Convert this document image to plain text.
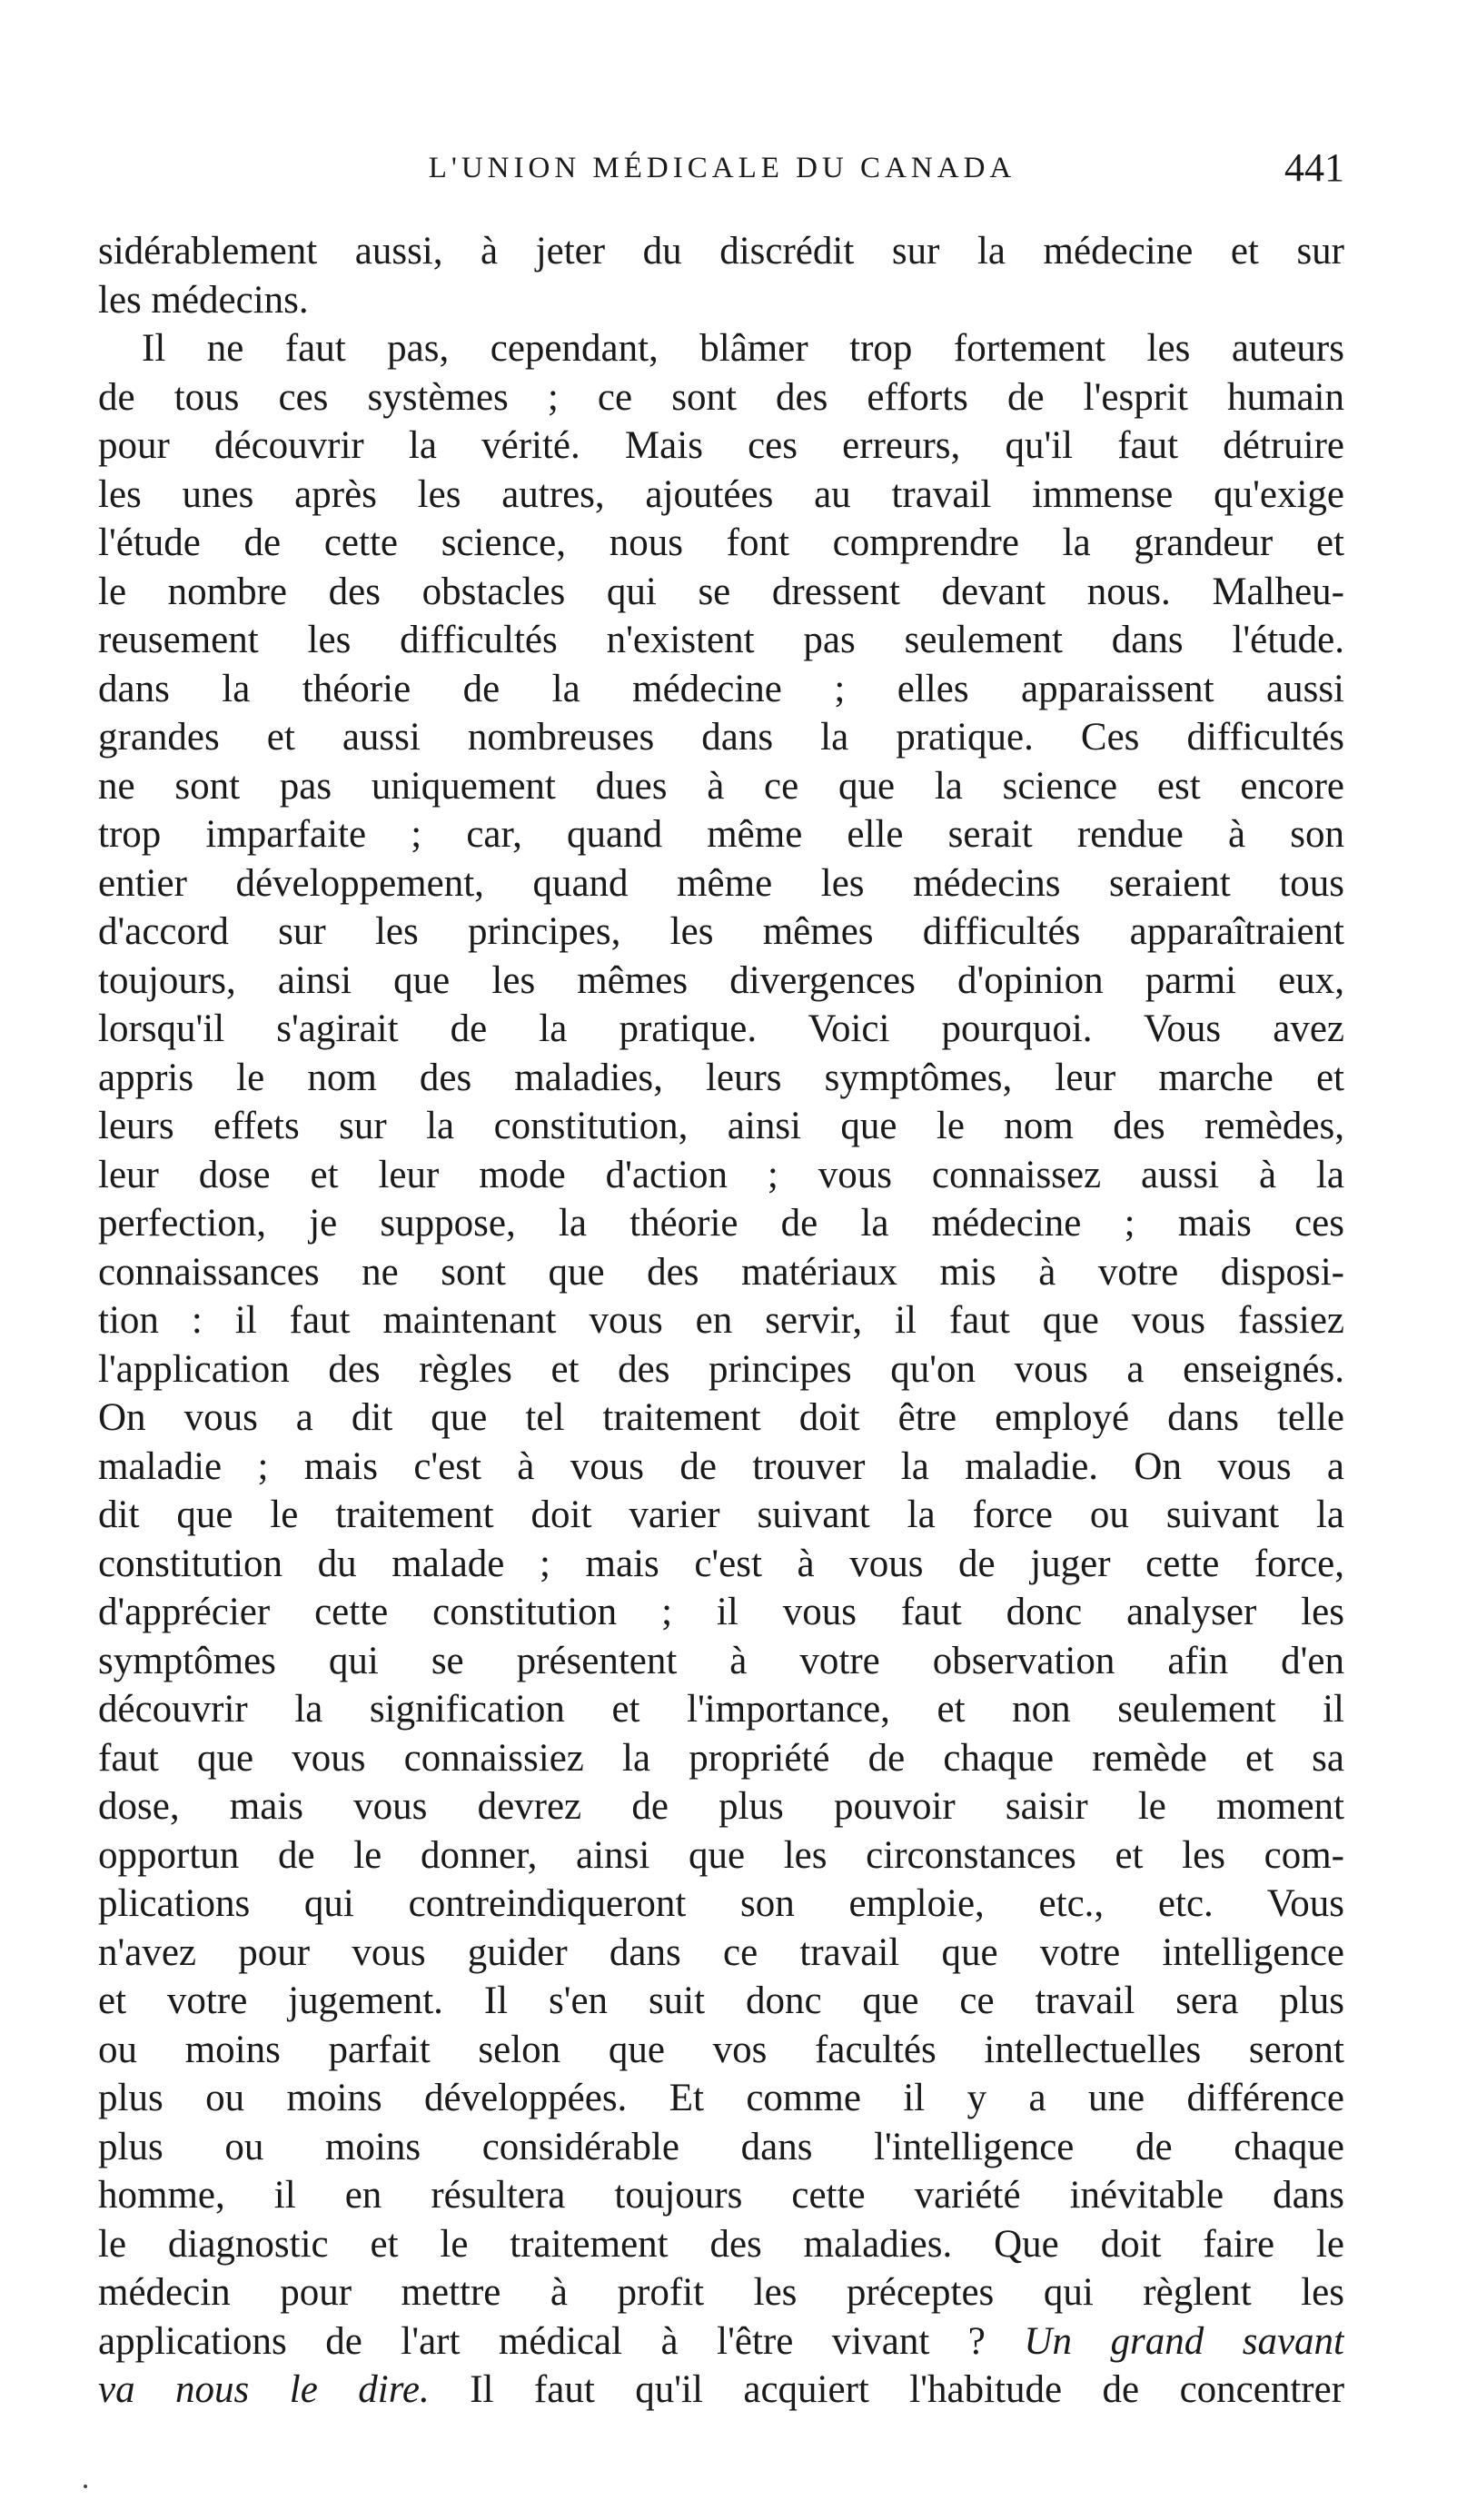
L'UNION MÉDICALE DU CANADA	441
sidérablement aussi, à jeter du discrédit sur la médecine et sur
les médecins.
Il ne faut pas, cependant, blâmer trop fortement les auteurs
de tous ces systèmes ; ce sont des efforts de l'esprit humain
pour découvrir la vérité. Mais ces erreurs, qu'il faut détruire
les unes après les autres, ajoutées au travail immense qu'exige
l'étude de cette science, nous font comprendre la grandeur et
le nombre des obstacles qui se dressent devant nous. Malheu-
reusement les difficultés n'existent pas seulement dans l'étude.
dans la théorie de la médecine ; elles apparaissent aussi
grandes et aussi nombreuses dans la pratique. Ces difficultés
ne sont pas uniquement dues à ce que la science est encore
trop imparfaite ; car, quand même elle serait rendue à son
entier développement, quand même les médecins seraient tous
d'accord sur les principes, les mêmes difficultés apparaîtraient
toujours, ainsi que les mêmes divergences d'opinion parmi eux,
lorsqu'il s'agirait de la pratique. Voici pourquoi. Vous avez
appris le nom des maladies, leurs symptômes, leur marche et
leurs effets sur la constitution, ainsi que le nom des remèdes,
leur dose et leur mode d'action ; vous connaissez aussi à la
perfection, je suppose, la théorie de la médecine ; mais ces
connaissances ne sont que des matériaux mis à votre disposi-
tion : il faut maintenant vous en servir, il faut que vous fassiez
l'application des règles et des principes qu'on vous a enseignés.
On vous a dit que tel traitement doit être employé dans telle
maladie ; mais c'est à vous de trouver la maladie. On vous a
dit que le traitement doit varier suivant la force ou suivant la
constitution du malade ; mais c'est à vous de juger cette force,
d'apprécier cette constitution ; il vous faut donc analyser les
symptômes qui se présentent à votre observation afin d'en
découvrir la signification et l'importance, et non seulement il
faut que vous connaissiez la propriété de chaque remède et sa
dose, mais vous devrez de plus pouvoir saisir le moment
opportun de le donner, ainsi que les circonstances et les com-
plications qui contreindiqueront son emploie, etc., etc. Vous
n'avez pour vous guider dans ce travail que votre intelligence
et votre jugement. Il s'en suit donc que ce travail sera plus
ou moins parfait selon que vos facultés intellectuelles seront
plus ou moins développées. Et comme il y a une différence
plus ou moins considérable dans l'intelligence de chaque
homme, il en résultera toujours cette variété inévitable dans
le diagnostic et le traitement des maladies. Que doit faire le
médecin pour mettre à profit les préceptes qui règlent les
applications de l'art médical à l'être vivant ? Un grand savant
va nous le dire. Il faut qu'il acquiert l'habitude de concentrer
